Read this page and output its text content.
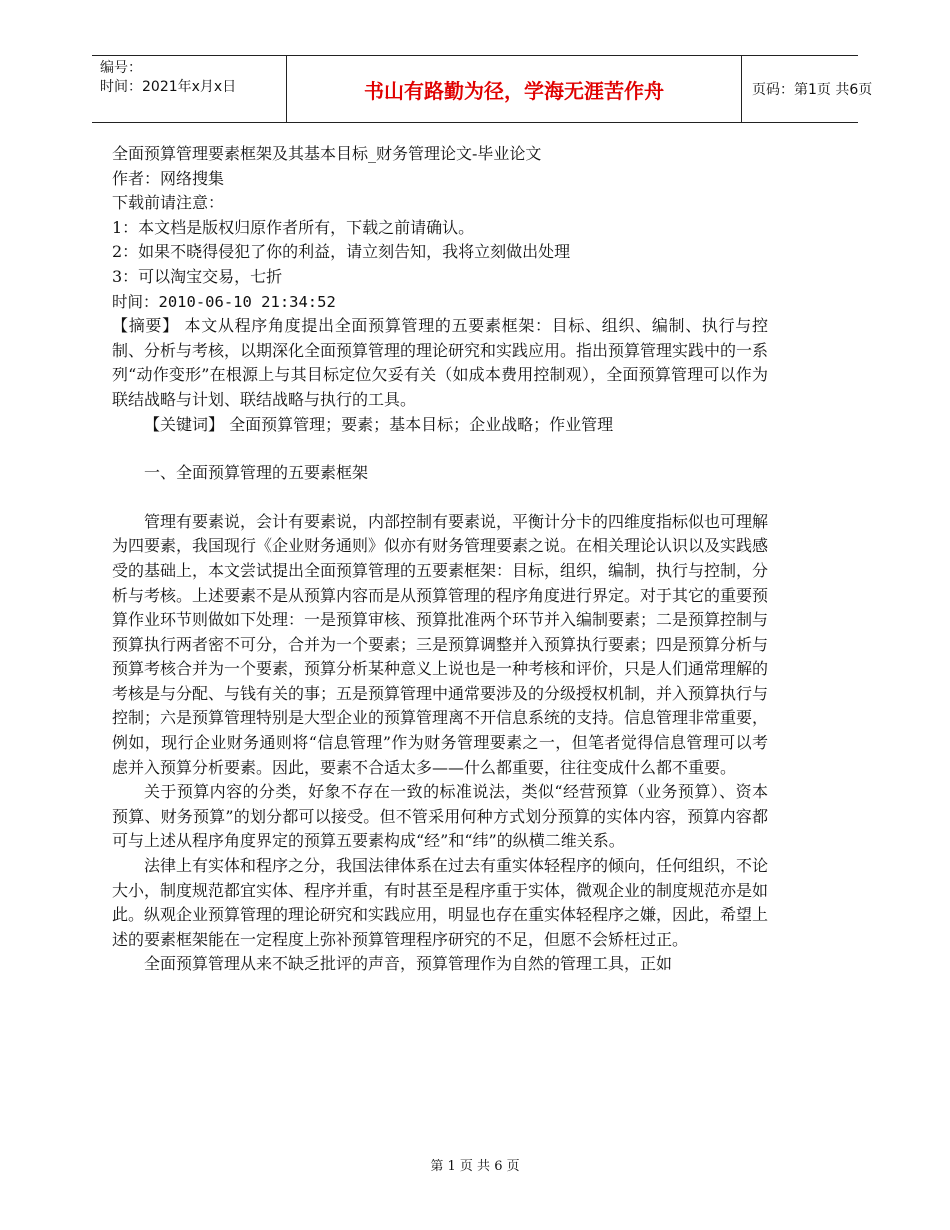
编号：
时间：2021年x月x日	书山有路勤为径，学海无涯苦作舟	页码：第1页 共6页

全面预算管理要素框架及其基本目标_财务管理论文-毕业论文

作者：网络搜集

下载前请注意：

1：本文档是版权归原作者所有，下载之前请确认。

2：如果不晓得侵犯了你的利益，请立刻告知，我将立刻做出处理

3：可以淘宝交易，七折

时间：2010-06-10 21:34:52

【摘要】 本文从程序角度提出全面预算管理的五要素框架：目标、组织、编制、执行与控制、分析与考核，以期深化全面预算管理的理论研究和实践应用。指出预算管理实践中的一系列“动作变形”在根源上与其目标定位欠妥有关（如成本费用控制观），全面预算管理可以作为联结战略与计划、联结战略与执行的工具。

【关键词】 全面预算管理；要素；基本目标；企业战略；作业管理

一、全面预算管理的五要素框架

管理有要素说，会计有要素说，内部控制有要素说，平衡计分卡的四维度指标似也可理解为四要素，我国现行《企业财务通则》似亦有财务管理要素之说。在相关理论认识以及实践感受的基础上，本文尝试提出全面预算管理的五要素框架：目标，组织，编制，执行与控制，分析与考核。上述要素不是从预算内容而是从预算管理的程序角度进行界定。对于其它的重要预算作业环节则做如下处理：一是预算审核、预算批准两个环节并入编制要素；二是预算控制与预算执行两者密不可分，合并为一个要素；三是预算调整并入预算执行要素；四是预算分析与预算考核合并为一个要素，预算分析某种意义上说也是一种考核和评价，只是人们通常理解的考核是与分配、与钱有关的事；五是预算管理中通常要涉及的分级授权机制，并入预算执行与控制；六是预算管理特别是大型企业的预算管理离不开信息系统的支持。信息管理非常重要，例如，现行企业财务通则将“信息管理”作为财务管理要素之一，但笔者觉得信息管理可以考虑并入预算分析要素。因此，要素不合适太多——什么都重要，往往变成什么都不重要。

关于预算内容的分类，好象不存在一致的标准说法，类似“经营预算（业务预算）、资本预算、财务预算”的划分都可以接受。但不管采用何种方式划分预算的实体内容，预算内容都可与上述从程序角度界定的预算五要素构成“经”和“纬”的纵横二维关系。

法律上有实体和程序之分，我国法律体系在过去有重实体轻程序的倾向，任何组织，不论大小，制度规范都宜实体、程序并重，有时甚至是程序重于实体，微观企业的制度规范亦是如此。纵观企业预算管理的理论研究和实践应用，明显也存在重实体轻程序之嫌，因此，希望上述的要素框架能在一定程度上弥补预算管理程序研究的不足，但愿不会矫枉过正。

全面预算管理从来不缺乏批评的声音，预算管理作为自然的管理工具，正如

第 1 页 共 6 页
